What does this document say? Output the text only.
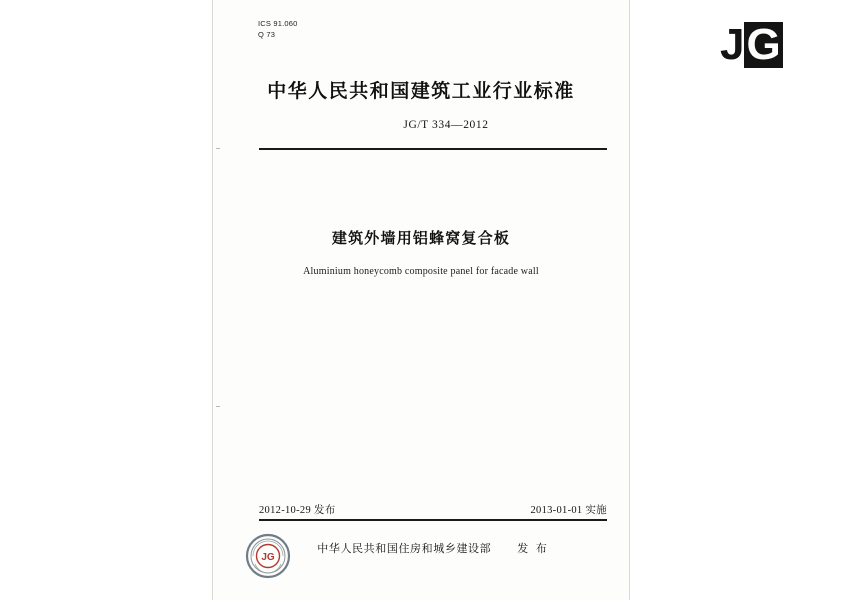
ICS 91.060
Q 73	JG
中华人民共和国建筑工业行业标准
JG/T 334—2012
建筑外墙用铝蜂窝复合板
Aluminium honeycomb composite panel for facade wall
2012-10-29 发布	2013-01-01 实施
中华人民共和国住房和城乡建设部 发 布
JG
